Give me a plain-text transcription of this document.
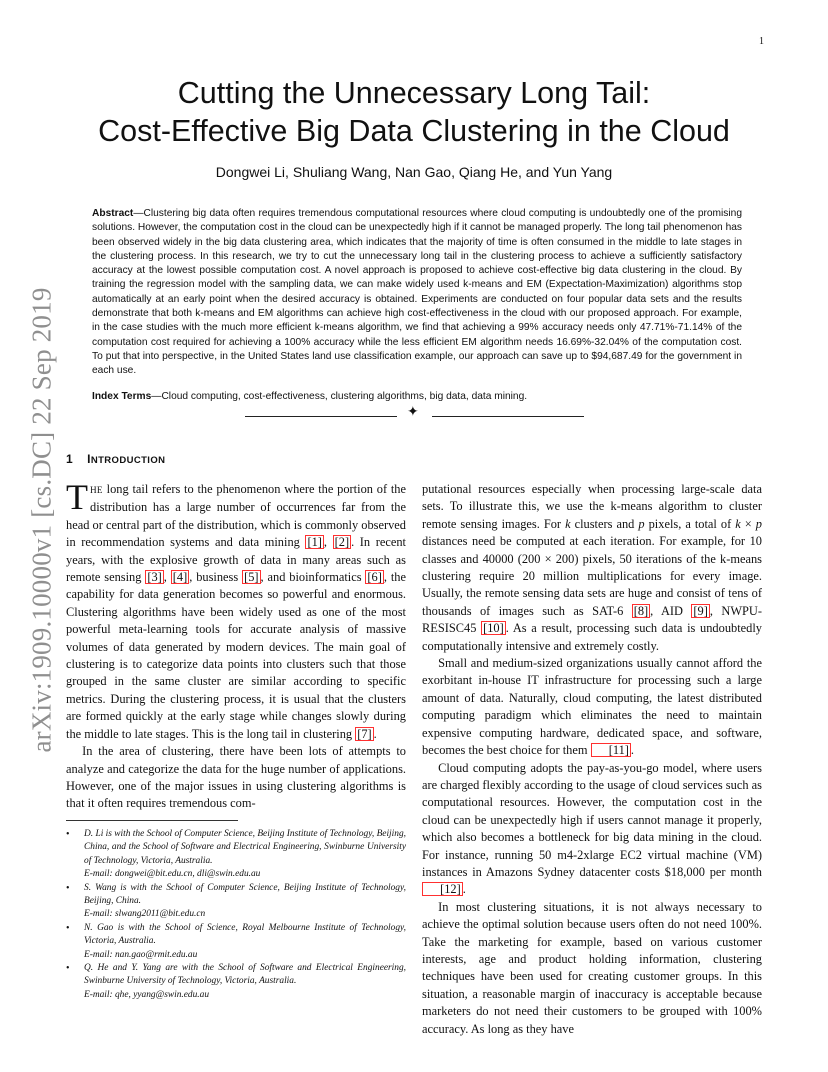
1
arXiv:1909.10000v1 [cs.DC] 22 Sep 2019
Cutting the Unnecessary Long Tail:
Cost-Effective Big Data Clustering in the Cloud
Dongwei Li, Shuliang Wang, Nan Gao, Qiang He, and Yun Yang

Abstract—Clustering big data often requires tremendous computational resources where cloud computing is undoubtedly one of the promising solutions. However, the computation cost in the cloud can be unexpectedly high if it cannot be managed properly. The long tail phenomenon has been observed widely in the big data clustering area, which indicates that the majority of time is often consumed in the middle to late stages in the clustering process. In this research, we try to cut the unnecessary long tail in the clustering process to achieve a sufficiently satisfactory accuracy at the lowest possible computation cost. A novel approach is proposed to achieve cost-effective big data clustering in the cloud. By training the regression model with the sampling data, we can make widely used k-means and EM (Expectation-Maximization) algorithms stop automatically at an early point when the desired accuracy is obtained. Experiments are conducted on four popular data sets and the results demonstrate that both k-means and EM algorithms can achieve high cost-effectiveness in the cloud with our proposed approach. For example, in the case studies with the much more efficient k-means algorithm, we find that achieving a 99% accuracy needs only 47.71%-71.14% of the computation cost required for achieving a 100% accuracy while the less efficient EM algorithm needs 16.69%-32.04% of the computation cost. To put that into perspective, in the United States land use classification example, our approach can save up to $94,687.49 for the government in each use.

Index Terms—Cloud computing, cost-effectiveness, clustering algorithms, big data, data mining.

✦
1 INTRODUCTION

THE long tail refers to the phenomenon where the portion of the distribution has a large number of occurrences far from the head or central part of the distribution, which is commonly observed in recommendation systems and data mining [1] , [2] . In recent years, with the explosive growth of data in many areas such as remote sensing [3] , [4] , business [5] , and bioinformatics [6] , the capability for data generation becomes so powerful and enormous. Clustering algorithms have been widely used as one of the most powerful meta-learning tools for accurate analysis of massive volumes of data generated by modern devices. The main goal of clustering is to categorize data points into clusters such that those grouped in the same cluster are similar according to specific metrics. During the clustering process, it is usual that the clusters are formed quickly at the early stage while changes slowly during the middle to late stages. This is the long tail in clustering [7] .

In the area of clustering, there have been lots of attempts to analyze and categorize the data for the huge number of applications. However, one of the major issues in using clustering algorithms is that it often requires tremendous com-

• D. Li is with the School of Computer Science, Beijing Institute of Technology, Beijing, China, and the School of Software and Electrical Engineering, Swinburne University of Technology, Victoria, Australia.
E-mail: dongwei@bit.edu.cn, dli@swin.edu.au
• S. Wang is with the School of Computer Science, Beijing Institute of Technology, Beijing, China.
E-mail: slwang2011@bit.edu.cn
• N. Gao is with the School of Science, Royal Melbourne Institute of Technology, Victoria, Australia.
E-mail: nan.gao@rmit.edu.au
• Q. He and Y. Yang are with the School of Software and Electrical Engineering, Swinburne University of Technology, Victoria, Australia.
E-mail: qhe, yyang@swin.edu.au

putational resources especially when processing large-scale data sets. To illustrate this, we use the k-means algorithm to cluster remote sensing images. For k clusters and p pixels, a total of k × p distances need be computed at each iteration. For example, for 10 classes and 40000 (200 × 200) pixels, 50 iterations of the k-means clustering require 20 million multiplications for every image. Usually, the remote sensing data sets are huge and consist of tens of thousands of images such as SAT-6 [8] , AID [9] , NWPU-RESISC45 [10] . As a result, processing such data is undoubtedly computationally intensive and extremely costly.

Small and medium-sized organizations usually cannot afford the exorbitant in-house IT infrastructure for processing such a large amount of data. Naturally, cloud computing, the latest distributed computing paradigm which eliminates the need to maintain expensive computing hardware, dedicated space, and software, becomes the best choice for them [11] .

Cloud computing adopts the pay-as-you-go model, where users are charged flexibly according to the usage of cloud services such as computational resources. However, the computation cost in the cloud can be unexpectedly high if users cannot manage it properly, which also becomes a bottleneck for big data mining in the cloud. For instance, running 50 m4-2xlarge EC2 virtual machine (VM) instances in Amazons Sydney datacenter costs $18,000 per month [12] .

In most clustering situations, it is not always necessary to achieve the optimal solution because users often do not need 100%. Take the marketing for example, based on various customer interests, age and product holding information, clustering techniques have been used for creating customer groups. In this situation, a reasonable margin of inaccuracy is acceptable because marketers do not need their customers to be grouped with 100% accuracy. As long as they have
